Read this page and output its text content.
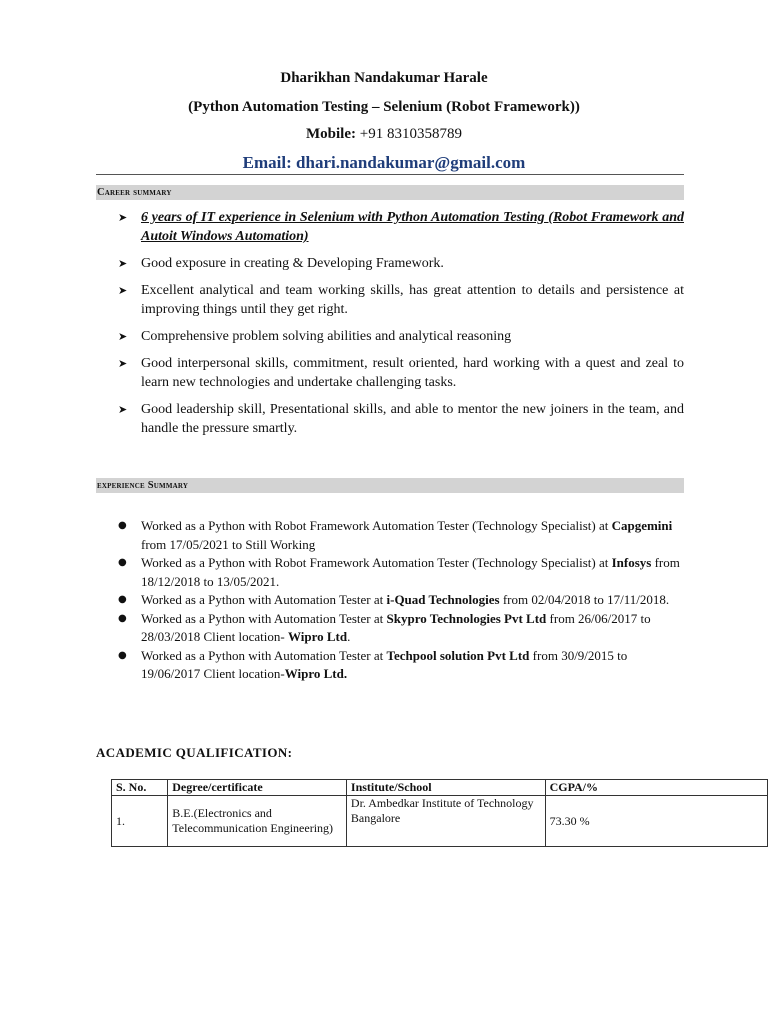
Dharikhan Nandakumar Harale
(Python Automation Testing – Selenium (Robot Framework))
Mobile: +91 8310358789
Email: dhari.nandakumar@gmail.com
Career summary
➤ 6 years of IT experience in Selenium with Python Automation Testing (Robot Framework and Autoit Windows Automation)
➤ Good exposure in creating & Developing Framework.
➤ Excellent analytical and team working skills, has great attention to details and persistence at improving things until they get right.
➤ Comprehensive problem solving abilities and analytical reasoning
➤ Good interpersonal skills, commitment, result oriented, hard working with a quest and zeal to learn new technologies and undertake challenging tasks.
➤ Good leadership skill, Presentational skills, and able to mentor the new joiners in the team, and handle the pressure smartly.
experience Summary
● Worked as a Python with Robot Framework Automation Tester (Technology Specialist) at Capgemini from 17/05/2021 to Still Working
● Worked as a Python with Robot Framework Automation Tester (Technology Specialist) at Infosys from 18/12/2018 to 13/05/2021.
● Worked as a Python with Automation Tester at i-Quad Technologies from 02/04/2018 to 17/11/2018.
● Worked as a Python with Automation Tester at Skypro Technologies Pvt Ltd from 26/06/2017 to 28/03/2018 Client location- Wipro Ltd.
● Worked as a Python with Automation Tester at Techpool solution Pvt Ltd from 30/9/2015 to 19/06/2017 Client location-Wipro Ltd.
ACADEMIC QUALIFICATION:
S. No.	Degree/certificate	Institute/School	CGPA/%
1.	B.E.(Electronics and Telecommunication Engineering)	Dr. Ambedkar Institute of Technology Bangalore	73.30 %
